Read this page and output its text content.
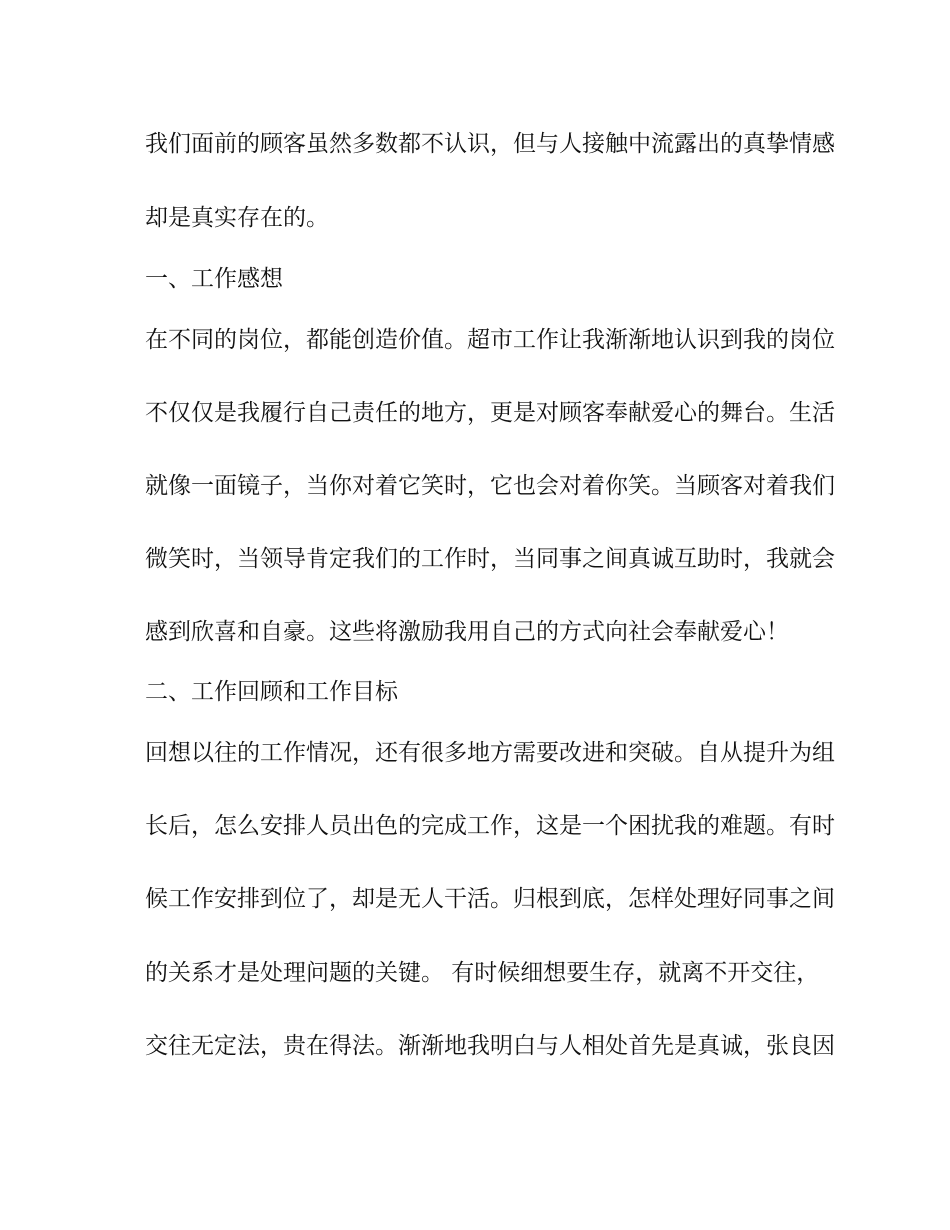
我们面前的顾客虽然多数都不认识，但与人接触中流露出的真挚情感
却是真实存在的。
一、工作感想
在不同的岗位，都能创造价值。超市工作让我渐渐地认识到我的岗位
不仅仅是我履行自己责任的地方，更是对顾客奉献爱心的舞台。生活
就像一面镜子，当你对着它笑时，它也会对着你笑。当顾客对着我们
微笑时，当领导肯定我们的工作时，当同事之间真诚互助时，我就会
感到欣喜和自豪。这些将激励我用自己的方式向社会奉献爱心！
二、工作回顾和工作目标
回想以往的工作情况，还有很多地方需要改进和突破。自从提升为组
长后，怎么安排人员出色的完成工作，这是一个困扰我的难题。有时
候工作安排到位了，却是无人干活。归根到底，怎样处理好同事之间
的关系才是处理问题的关键。 有时候细想要生存，就离不开交往，
交往无定法，贵在得法。渐渐地我明白与人相处首先是真诚，张良因
